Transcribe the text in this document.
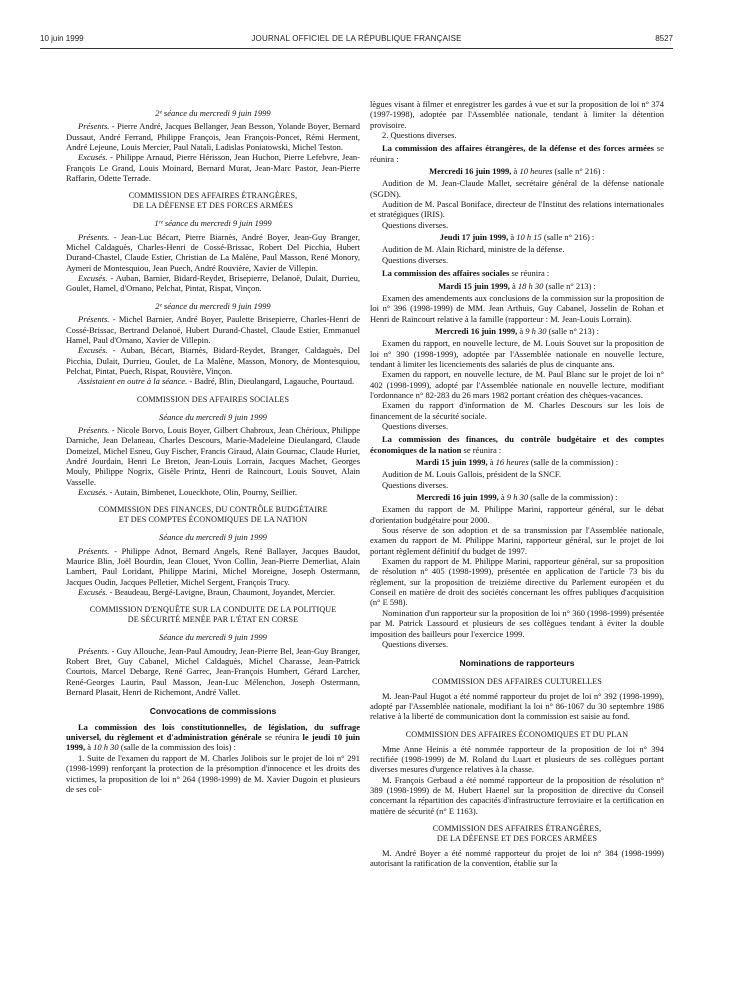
10 juin 1999	JOURNAL OFFICIEL DE LA RÉPUBLIQUE FRANÇAISE	8527

2ᵉ séance du mercredi 9 juin 1999

Présents. - Pierre André, Jacques Bellanger, Jean Besson, Yolande Boyer, Bernard Dussaut, André Ferrand, Philippe François, Jean François-Poncet, Rémi Herment, André Lejeune, Louis Mercier, Paul Natali, Ladislas Poniatowski, Michel Teston.

Excusés. - Philippe Arnaud, Pierre Hérisson, Jean Huchon, Pierre Lefebvre, Jean-François Le Grand, Louis Moinard, Bernard Murat, Jean-Marc Pastor, Jean-Pierre Raffarin, Odette Terrade.

COMMISSION DES AFFAIRES ÉTRANGÈRES,
DE LA DÉFENSE ET DES FORCES ARMÉES

1ʳᵉ séance du mercredi 9 juin 1999

Présents. - Jean-Luc Bécart, Pierre Biarnès, André Boyer, Jean-Guy Branger, Michel Caldaguès, Charles-Henri de Cossé-Brissac, Robert Del Picchia, Hubert Durand-Chastel, Claude Estier, Christian de La Malène, Paul Masson, René Monory, Aymeri de Montesquiou, Jean Puech, André Rouvière, Xavier de Villepin.

Excusés. - Auban, Barnier, Bidard-Reydet, Brisepierre, Delanoë, Dulait, Durrieu, Goulet, Hamel, d'Ornano, Pelchat, Pintat, Rispat, Vinçon.

2ᵉ séance du mercredi 9 juin 1999

Présents. - Michel Barnier, André Boyer, Paulette Brisepierre, Charles-Henri de Cossé-Brissac, Bertrand Delanoë, Hubert Durand-Chastel, Claude Estier, Emmanuel Hamel, Paul d'Ornano, Xavier de Villepin.

Excusés. - Auban, Bécart, Biarnès, Bidard-Reydet, Branger, Caldaguès, Del Picchia, Dulait, Durrieu, Goulet, de La Malène, Masson, Monory, de Montesquiou, Pelchat, Pintat, Puech, Rispat, Rouvière, Vinçon.

Assistaient en outre à la séance. - Badré, Blin, Dieulangard, Lagauche, Pourtaud.

COMMISSION DES AFFAIRES SOCIALES

Séance du mercredi 9 juin 1999

Présents. - Nicole Borvo, Louis Boyer, Gilbert Chabroux, Jean Chérioux, Philippe Darniche, Jean Delaneau, Charles Descours, Marie-Madeleine Dieulangard, Claude Domeizel, Michel Esneu, Guy Fischer, Francis Giraud, Alain Gournac, Claude Huriet, André Jourdain, Henri Le Breton, Jean-Louis Lorrain, Jacques Machet, Georges Mouly, Philippe Nogrix, Gisèle Printz, Henri de Raincourt, Louis Souvet, Alain Vasselle.

Excusés. - Autain, Bimbenet, Loueckhote, Olin, Pourny, Seillier.

COMMISSION DES FINANCES, DU CONTRÔLE BUDGÉTAIRE
ET DES COMPTES ÉCONOMIQUES DE LA NATION

Séance du mercredi 9 juin 1999

Présents. - Philippe Adnot, Bernard Angels, René Ballayer, Jacques Baudot, Maurice Blin, Joël Bourdin, Jean Clouet, Yvon Collin, Jean-Pierre Demerliat, Alain Lambert, Paul Loridant, Philippe Marini, Michel Moreigne, Joseph Ostermann, Jacques Oudin, Jacques Pelletier, Michel Sergent, François Trucy.

Excusés. - Beaudeau, Bergé-Lavigne, Braun, Chaumont, Joyandet, Mercier.

COMMISSION D'ENQUÊTE SUR LA CONDUITE DE LA POLITIQUE
DE SÉCURITÉ MENÉE PAR L'ÉTAT EN CORSE

Séance du mercredi 9 juin 1999

Présents. - Guy Allouche, Jean-Paul Amoudry, Jean-Pierre Bel, Jean-Guy Branger, Robert Bret, Guy Cabanel, Michel Caldaguès, Michel Charasse, Jean-Patrick Courtois, Marcel Debarge, René Garrec, Jean-François Humbert, Gérard Larcher, René-Georges Laurin, Paul Masson, Jean-Luc Mélenchon, Joseph Ostermann, Bernard Plasait, Henri de Richemont, André Vallet.

Convocations de commissions

La commission des lois constitutionnelles, de législation, du suffrage universel, du règlement et d'administration générale se réunira le jeudi 10 juin 1999, à 10 h 30 (salle de la commission des lois) :

1. Suite de l'examen du rapport de M. Charles Jolibois sur le projet de loi n° 291 (1998-1999) renforçant la protection de la présomption d'innocence et les droits des victimes, la proposition de loi n° 264 (1998-1999) de M. Xavier Dugoin et plusieurs de ses col-

lègues visant à filmer et enregistrer les gardes à vue et sur la proposition de loi n° 374 (1997-1998), adoptée par l'Assemblée nationale, tendant à limiter la détention provisoire.

2. Questions diverses.

La commission des affaires étrangères, de la défense et des forces armées se réunira :

Mercredi 16 juin 1999, à 10 heures (salle n° 216) :

Audition de M. Jean-Claude Mallet, secrétaire général de la défense nationale (SGDN).

Audition de M. Pascal Boniface, directeur de l'Institut des relations internationales et stratégiques (IRIS).

Questions diverses.

Jeudi 17 juin 1999, à 10 h 15 (salle n° 216) :

Audition de M. Alain Richard, ministre de la défense.

Questions diverses.

La commission des affaires sociales se réunira :

Mardi 15 juin 1999, à 18 h 30 (salle n° 213) :

Examen des amendements aux conclusions de la commission sur la proposition de loi n° 396 (1998-1999) de MM. Jean Arthuis, Guy Cabanel, Josselin de Rohan et Henri de Raincourt relative à la famille (rapporteur : M. Jean-Louis Lorrain).

Mercredi 16 juin 1999, à 9 h 30 (salle n° 213) :

Examen du rapport, en nouvelle lecture, de M. Louis Souvet sur la proposition de loi n° 390 (1998-1999), adoptée par l'Assemblée nationale en nouvelle lecture, tendant à limiter les licenciements des salariés de plus de cinquante ans.

Examen du rapport, en nouvelle lecture, de M. Paul Blanc sur le projet de loi n° 402 (1998-1999), adopté par l'Assemblée nationale en nouvelle lecture, modifiant l'ordonnance n° 82-283 du 26 mars 1982 portant création des chèques-vacances.

Examen du rapport d'information de M. Charles Descours sur les lois de financement de la sécurité sociale.

Questions diverses.

La commission des finances, du contrôle budgétaire et des comptes économiques de la nation se réunira :

Mardi 15 juin 1999, à 16 heures (salle de la commission) :

Audition de M. Louis Gallois, président de la SNCF.

Questions diverses.

Mercredi 16 juin 1999, à 9 h 30 (salle de la commission) :

Examen du rapport de M. Philippe Marini, rapporteur général, sur le débat d'orientation budgétaire pour 2000.

Sous réserve de son adoption et de sa transmission par l'Assemblée nationale, examen du rapport de M. Philippe Marini, rapporteur général, sur le projet de loi portant règlement définitif du budget de 1997.

Examen du rapport de M. Philippe Marini, rapporteur général, sur sa proposition de résolution n° 405 (1998-1999), présentée en application de l'article 73 bis du règlement, sur la proposition de treizième directive du Parlement européen et du Conseil en matière de droit des sociétés concernant les offres publiques d'acquisition (n° E 598).

Nomination d'un rapporteur sur la proposition de loi n° 360 (1998-1999) présentée par M. Patrick Lassourd et plusieurs de ses collègues tendant à éviter la double imposition des bailleurs pour l'exercice 1999.

Questions diverses.

Nominations de rapporteurs

COMMISSION DES AFFAIRES CULTURELLES

M. Jean-Paul Hugot a été nommé rapporteur du projet de loi n° 392 (1998-1999), adopté par l'Assemblée nationale, modifiant la loi n° 86-1067 du 30 septembre 1986 relative à la liberté de communication dont la commission est saisie au fond.

COMMISSION DES AFFAIRES ÉCONOMIQUES ET DU PLAN

Mme Anne Heinis a été nommée rapporteur de la proposition de loi n° 394 rectifiée (1998-1999) de M. Roland du Luart et plusieurs de ses collègues portant diverses mesures d'urgence relatives à la chasse.

M. François Gerbaud a été nommé rapporteur de la proposition de résolution n° 389 (1998-1999) de M. Hubert Haenel sur la proposition de directive du Conseil concernant la répartition des capacités d'infrastructure ferroviaire et la certification en matière de sécurité (n° E 1163).

COMMISSION DES AFFAIRES ÉTRANGÈRES,
DE LA DÉFENSE ET DES FORCES ARMÉES

M. André Boyer a été nommé rapporteur du projet de loi n° 384 (1998-1999) autorisant la ratification de la convention, établie sur la
